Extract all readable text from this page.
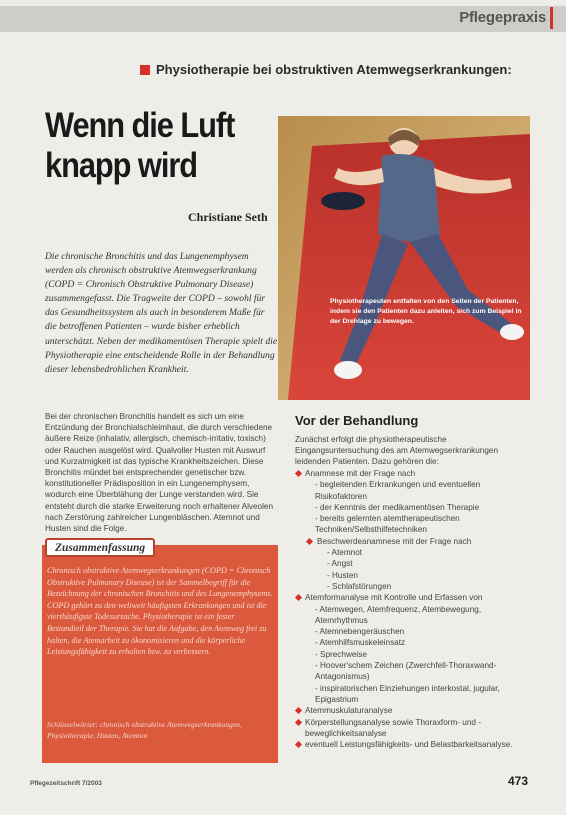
Pflegepraxis
Physiotherapie bei obstruktiven Atemwegserkrankungen:
Wenn die Luft
knapp wird
Christiane Seth
Die chronische Bronchitis und das Lungenemphysem werden als chronisch obstruktive Atemwegserkrankung (COPD = Chronisch Obstruktive Pulmonary Disease) zusammengefasst. Die Tragweite der COPD – sowohl für das Gesundheitssystem als auch in besonderem Maße für die betroffenen Patienten – wurde bisher erheblich unterschätzt. Neben der medikamentösen Therapie spielt die Physiotherapie eine entscheidende Rolle in der Behandlung dieser lebensbedrohlichen Krankheit.
Physiotherapeuten entfalten von den Seiten der Patienten, indem sie den Patienten dazu anleiten, sich zum Beispiel in der Drehlage zu bewegen.
Bei der chronischen Bronchitis handelt es sich um eine Entzündung der Bronchialschleimhaut, die durch verschiedene äußere Reize (inhalativ, allergisch, chemisch-irritativ, toxisch) oder Rauchen ausgelöst wird. Qualvoller Husten mit Auswurf und Kurzatmigkeit ist das typische Krankheitszeichen. Diese Bronchitis mündet bei entsprechender genetischer bzw. konstitutioneller Prädisposition in ein Lungenemphysem, wodurch eine Überblähung der Lunge verstanden wird. Sie entsteht durch die starke Erweiterung noch erhaltener Alveolen nach Zerstörung zahlreicher Lungenbläschen. Atemnot und Husten sind die Folge.
Zusammenfassung
Chronisch obstruktive Atemwegserkrankungen (COPD = Chronisch Obstruktive Pulmonary Disease) ist der Sammelbegriff für die Bezeichnung der chronischen Bronchitis und des Lungenemphysems. COPD gehört zu den weltweit häufigsten Erkrankungen und ist die vierthäufigste Todesursache. Physiotherapie ist ein fester Bestandteil der Therapie. Sie hat die Aufgabe, den Atemweg frei zu halten, die Atemarbeit zu ökonomisieren und die körperliche Leistungsfähigkeit zu erhalten bzw. zu verbessern.
Schlüsselwörter: chronisch obstruktive Atemwegserkrankungen, Physiotherapie, Husten, Atemnot
Vor der Behandlung
Zunächst erfolgt die physiotherapeutische Eingangsuntersuchung des am Atemwegserkrankungen leidenden Patienten. Dazu gehören die:
Anamnese mit der Frage nach
- begleitenden Erkrankungen und eventuellen Risikofaktoren
- der Kenntnis der medikamentösen Therapie
- bereits gelernten atemtherapeutischen Techniken/Selbsthilfetechniken
Beschwerdeanamnese mit der Frage nach
- Atemnot
- Angst
- Husten
- Schlafstörungen
Atemformanalyse mit Kontrolle und Erfassen von
- Atemwegen, Atemfrequenz, Atembewegung, Atemrhythmus
- Atemnebengeräuschen
- Atemhilfsmuskeleinsatz
- Sprechweise
- Hoover'schem Zeichen (Zwerchfell-Thoraxwand-Antagonismus)
- inspiratorischen Einziehungen interkostal, jugular, Epigastrium
Atemmuskulaturanalyse
Körperstellungsanalyse sowie Thoraxform- und -beweglichkeitsanalyse
eventuell Leistungsfähigkeits- und Belastbarkeitsanalyse.
Pflegezeitschrift 7/2003	473
